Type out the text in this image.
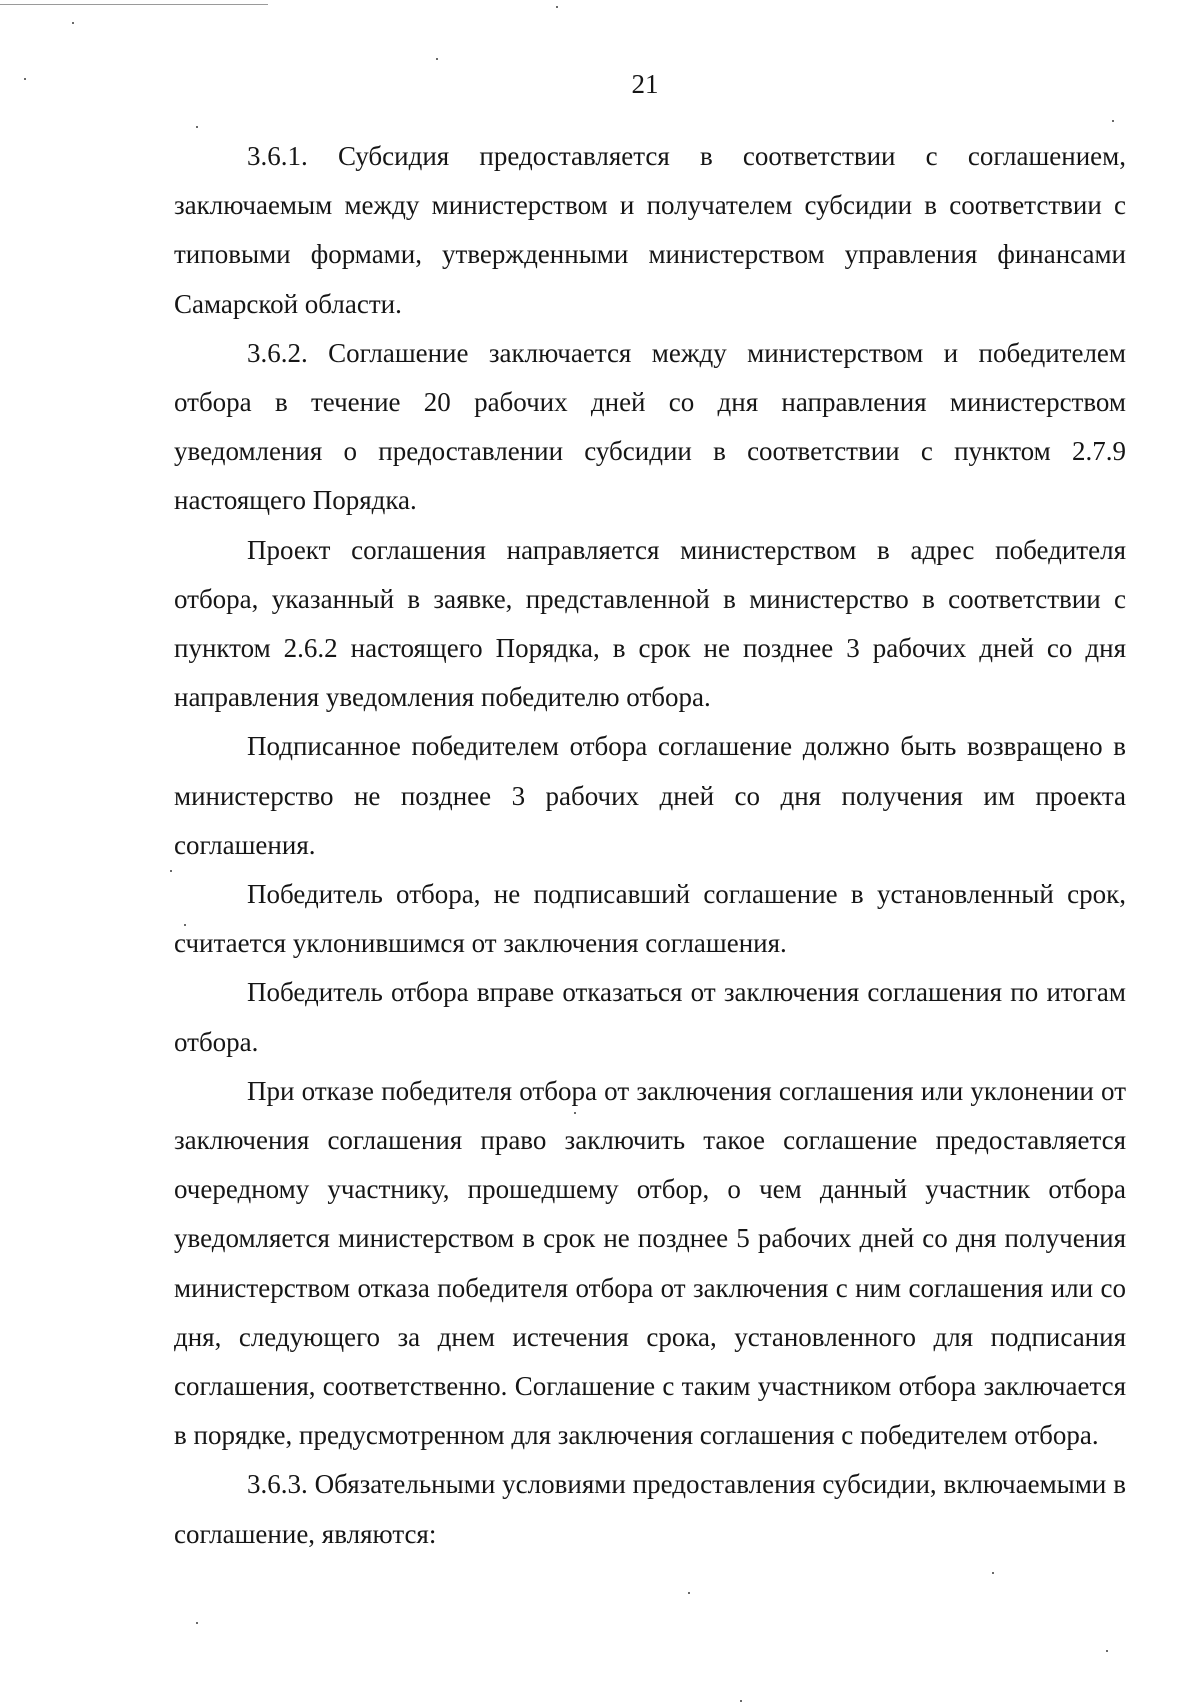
21

3.6.1. Субсидия предоставляется в соответствии с соглашением, заключаемым между министерством и получателем субсидии в соответствии с типовыми формами, утвержденными министерством управления финансами Самарской области.

3.6.2. Соглашение заключается между министерством и победителем отбора в течение 20 рабочих дней со дня направления министерством уведомления о предоставлении субсидии в соответствии с пунктом 2.7.9 настоящего Порядка.

Проект соглашения направляется министерством в адрес победителя отбора, указанный в заявке, представленной в министерство в соответствии с пунктом 2.6.2 настоящего Порядка, в срок не позднее 3 рабочих дней со дня направления уведомления победителю отбора.

Подписанное победителем отбора соглашение должно быть возвращено в министерство не позднее 3 рабочих дней со дня получения им проекта соглашения.

Победитель отбора, не подписавший соглашение в установленный срок, считается уклонившимся от заключения соглашения.

Победитель отбора вправе отказаться от заключения соглашения по итогам отбора.

При отказе победителя отбора от заключения соглашения или уклонении от заключения соглашения право заключить такое соглашение предоставляется очередному участнику, прошедшему отбор, о чем данный участник отбора уведомляется министерством в срок не позднее 5 рабочих дней со дня получения министерством отказа победителя отбора от заключения с ним соглашения или со дня, следующего за днем истечения срока, установленного для подписания соглашения, соответственно. Соглашение с таким участником отбора заключается в порядке, предусмотренном для заключения соглашения с победителем отбора.

3.6.3. Обязательными условиями предоставления субсидии, включаемыми в соглашение, являются:
